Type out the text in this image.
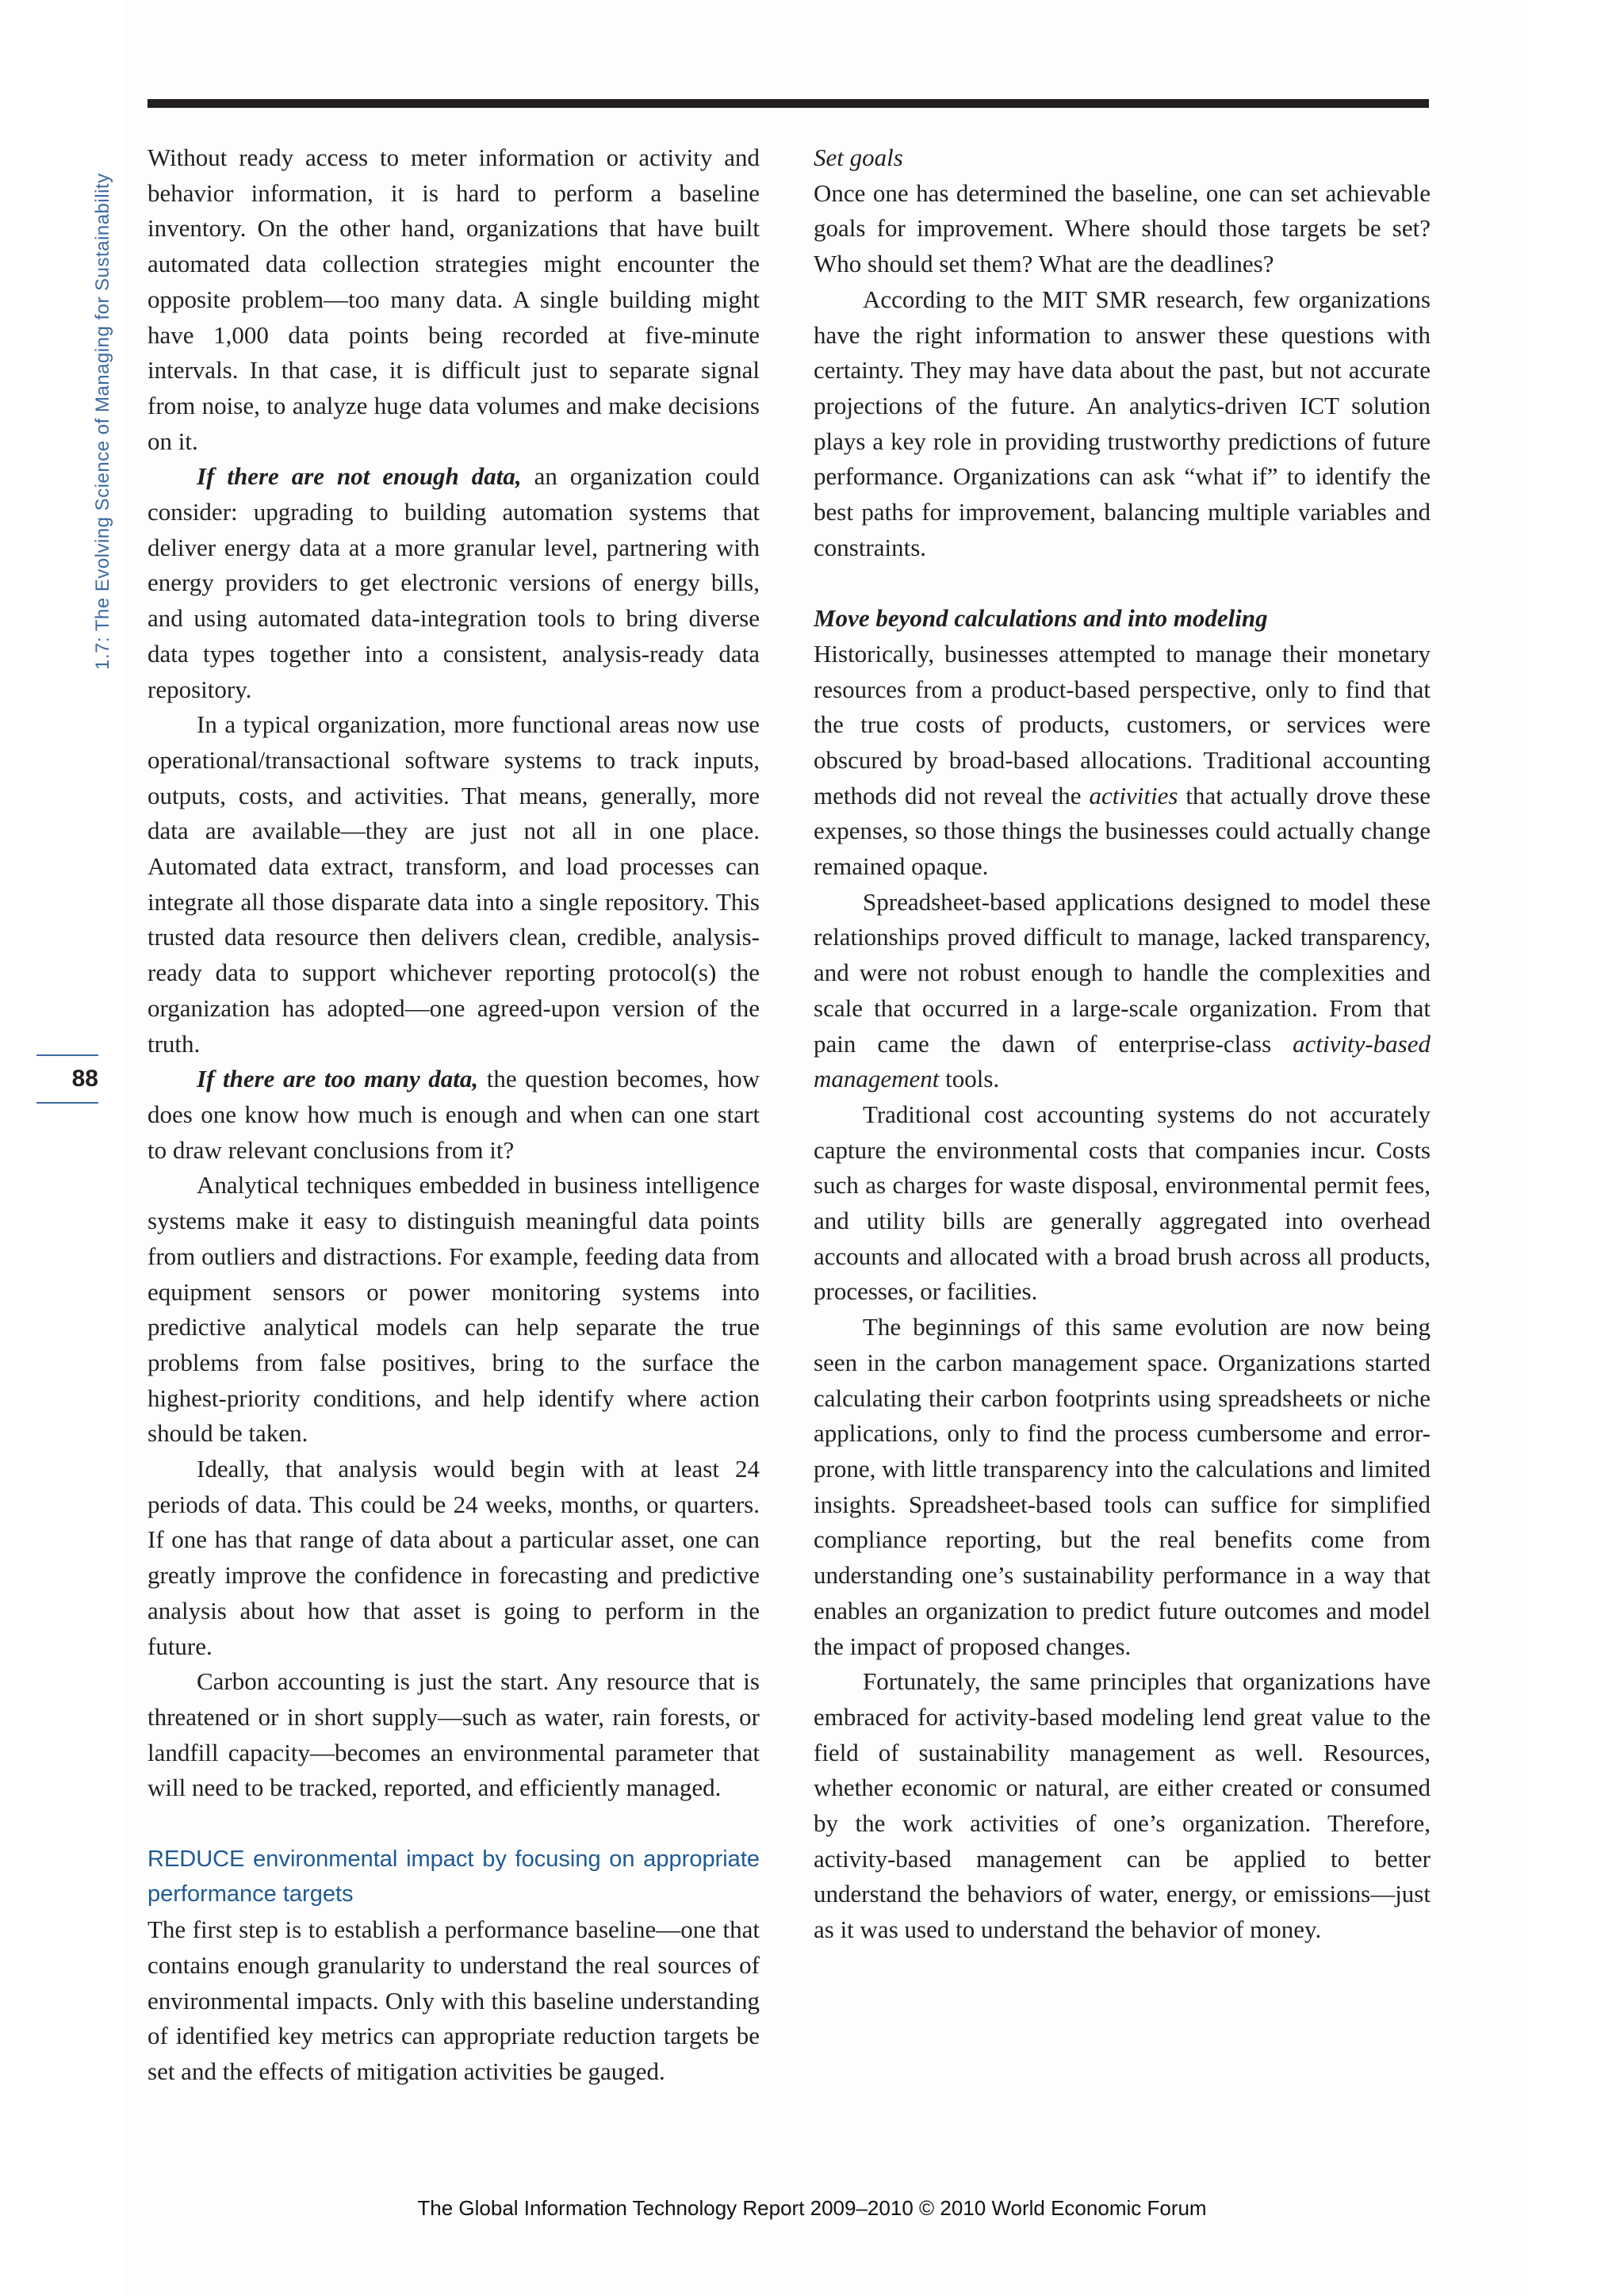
1.7: The Evolving Science of Managing for Sustainability
88

Without ready access to meter information or activity and behavior information, it is hard to perform a baseline inventory. On the other hand, organizations that have built automated data collection strategies might encounter the opposite problem—too many data. A single building might have 1,000 data points being recorded at five-minute intervals. In that case, it is difficult just to separate signal from noise, to analyze huge data volumes and make decisions on it.

If there are not enough data, an organization could consider: upgrading to building automation systems that deliver energy data at a more granular level, partnering with energy providers to get electronic versions of energy bills, and using automated data-integration tools to bring diverse data types together into a consistent, analysis-ready data repository.

In a typical organization, more functional areas now use operational/transactional software systems to track inputs, outputs, costs, and activities. That means, generally, more data are available—they are just not all in one place. Automated data extract, transform, and load processes can integrate all those disparate data into a single repository. This trusted data resource then delivers clean, credible, analysis-ready data to support whichever reporting protocol(s) the organization has adopted—one agreed-upon version of the truth.

If there are too many data, the question becomes, how does one know how much is enough and when can one start to draw relevant conclusions from it?

Analytical techniques embedded in business intelligence systems make it easy to distinguish meaningful data points from outliers and distractions. For example, feeding data from equipment sensors or power monitoring systems into predictive analytical models can help separate the true problems from false positives, bring to the surface the highest-priority conditions, and help identify where action should be taken.

Ideally, that analysis would begin with at least 24 periods of data. This could be 24 weeks, months, or quarters. If one has that range of data about a particular asset, one can greatly improve the confidence in forecasting and predictive analysis about how that asset is going to perform in the future.

Carbon accounting is just the start. Any resource that is threatened or in short supply—such as water, rain forests, or landfill capacity—becomes an environmental parameter that will need to be tracked, reported, and efficiently managed.

REDUCE environmental impact by focusing on appropriate performance targets

The first step is to establish a performance baseline—one that contains enough granularity to understand the real sources of environmental impacts. Only with this baseline understanding of identified key metrics can appropriate reduction targets be set and the effects of mitigation activities be gauged.

Set goals

Once one has determined the baseline, one can set achievable goals for improvement. Where should those targets be set? Who should set them? What are the deadlines?

According to the MIT SMR research, few organizations have the right information to answer these questions with certainty. They may have data about the past, but not accurate projections of the future. An analytics-driven ICT solution plays a key role in providing trustworthy predictions of future performance. Organizations can ask “what if” to identify the best paths for improvement, balancing multiple variables and constraints.

Move beyond calculations and into modeling

Historically, businesses attempted to manage their monetary resources from a product-based perspective, only to find that the true costs of products, customers, or services were obscured by broad-based allocations. Traditional accounting methods did not reveal the activities that actually drove these expenses, so those things the businesses could actually change remained opaque.

Spreadsheet-based applications designed to model these relationships proved difficult to manage, lacked transparency, and were not robust enough to handle the complexities and scale that occurred in a large-scale organization. From that pain came the dawn of enterprise-class activity-based management tools.

Traditional cost accounting systems do not accurately capture the environmental costs that companies incur. Costs such as charges for waste disposal, environmental permit fees, and utility bills are generally aggregated into overhead accounts and allocated with a broad brush across all products, processes, or facilities.

The beginnings of this same evolution are now being seen in the carbon management space. Organizations started calculating their carbon footprints using spreadsheets or niche applications, only to find the process cumbersome and error-prone, with little transparency into the calculations and limited insights. Spreadsheet-based tools can suffice for simplified compliance reporting, but the real benefits come from understanding one’s sustainability performance in a way that enables an organization to predict future outcomes and model the impact of proposed changes.

Fortunately, the same principles that organizations have embraced for activity-based modeling lend great value to the field of sustainability management as well. Resources, whether economic or natural, are either created or consumed by the work activities of one’s organization. Therefore, activity-based management can be applied to better understand the behaviors of water, energy, or emissions—just as it was used to understand the behavior of money.

The Global Information Technology Report 2009–2010 © 2010 World Economic Forum
